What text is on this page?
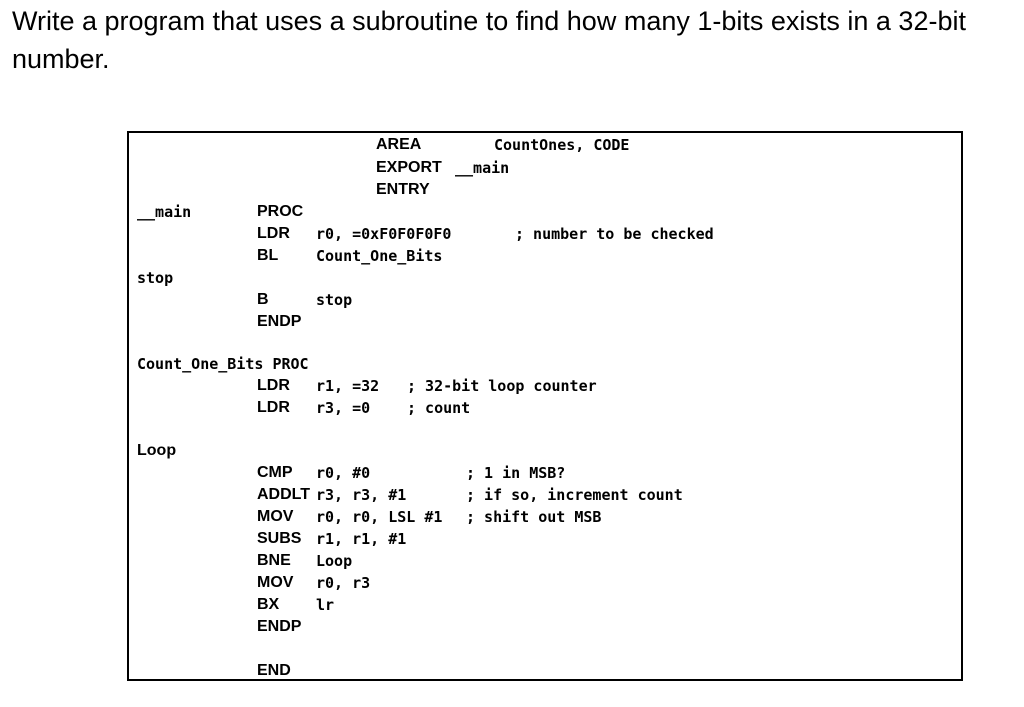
Write a program that uses a subroutine to find how many 1-bits exists in a 32-bit number.

AREA	CountOnes, CODE
EXPORT __main
ENTRY
__main	PROC
LDR r0, =0xF0F0F0F0	; number to be checked
BL	Count_One_Bits
stop
B	stop
ENDP
Count_One_Bits PROC
LDR r1, =32 ; 32-bit loop counter
LDR r3, =0 ; count
Loop
CMP r0, #0	; 1 in MSB?
ADDLT r3, r3, #1	; if so, increment count
MOV r0, r0, LSL #1 ; shift out MSB
SUBS r1, r1, #1
BNE Loop
MOV r0, r3
BX lr
ENDP
END
